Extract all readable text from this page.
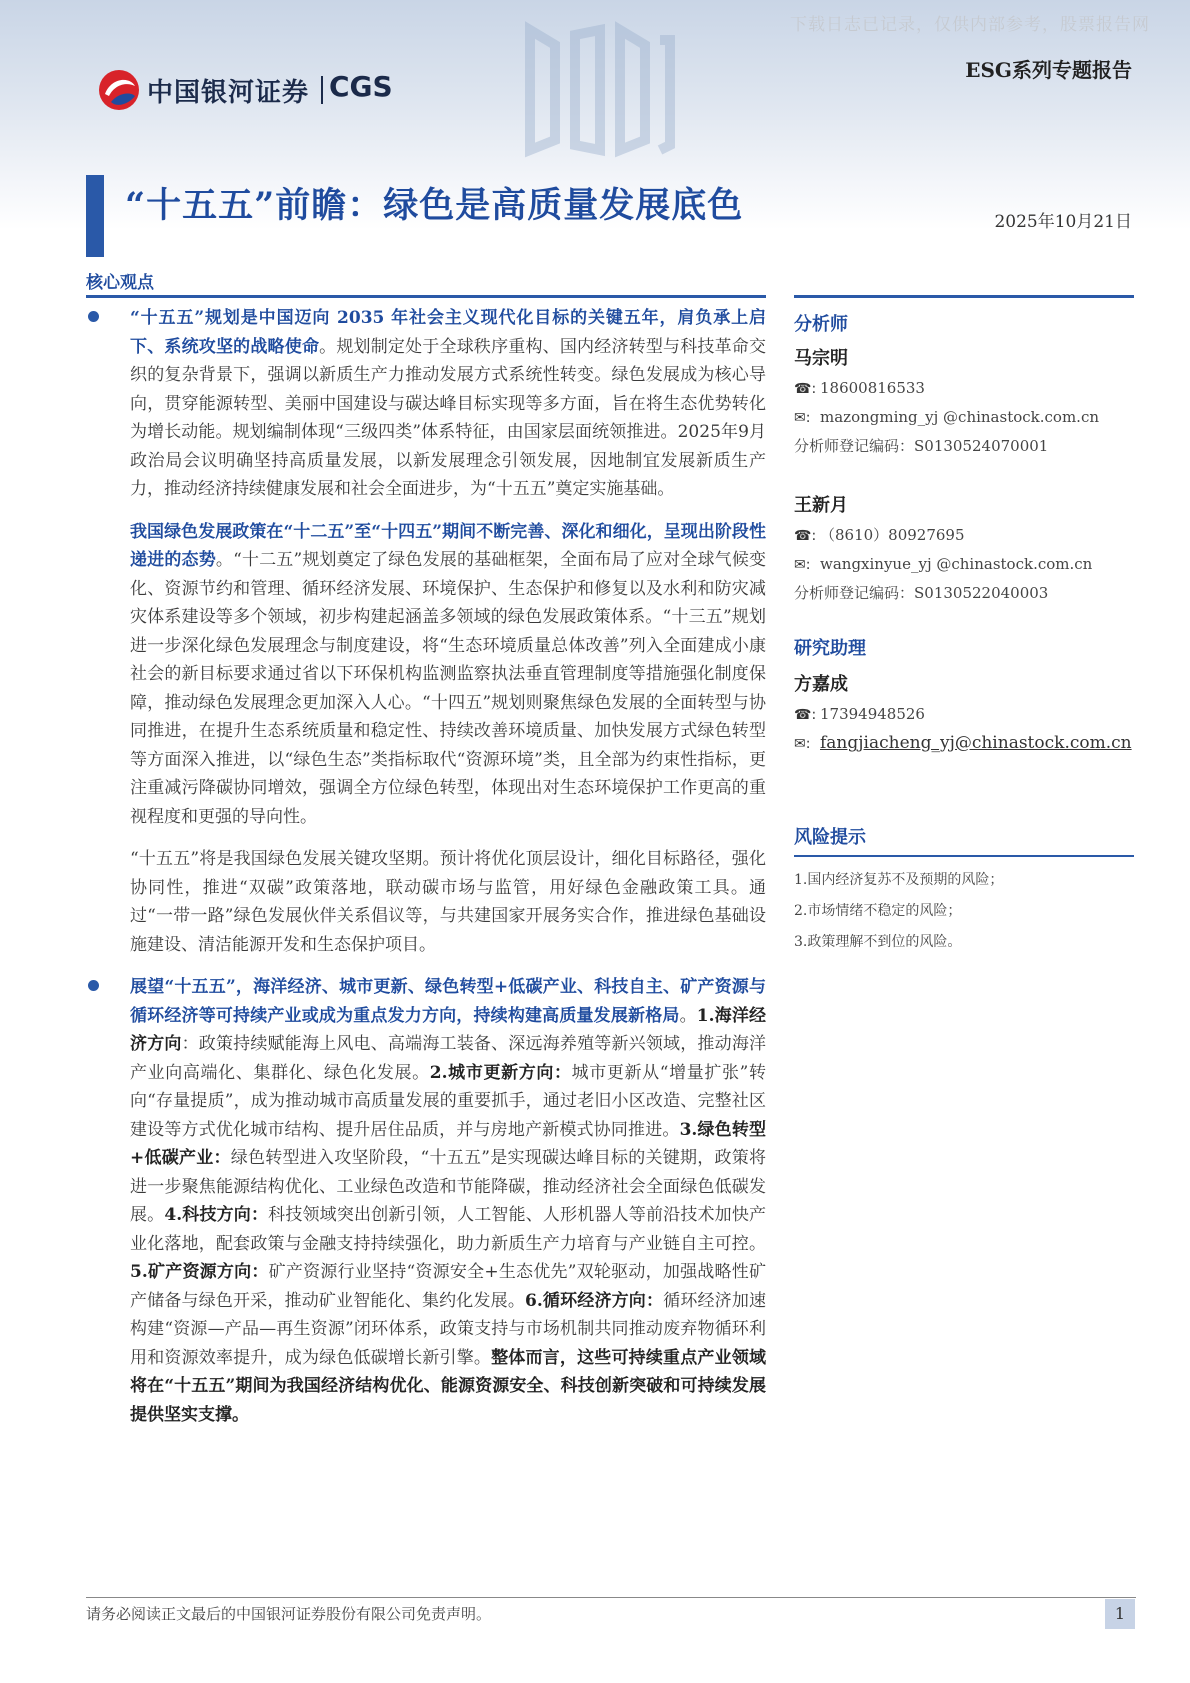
下载日志已记录，仅供内部参考，股票报告网
中国银河证券 CGS	ESG系列专题报告
“十五五”前瞻：绿色是高质量发展底色	2025年10月21日
核心观点

“十五五”规划是中国迈向 2035 年社会主义现代化目标的关键五年，肩负承上启下、系统攻坚的战略使命。规划制定处于全球秩序重构、国内经济转型与科技革命交织的复杂背景下，强调以新质生产力推动发展方式系统性转变。绿色发展成为核心导向，贯穿能源转型、美丽中国建设与碳达峰目标实现等多方面，旨在将生态优势转化为增长动能。规划编制体现“三级四类”体系特征，由国家层面统领推进。2025年9月政治局会议明确坚持高质量发展，以新发展理念引领发展，因地制宜发展新质生产力，推动经济持续健康发展和社会全面进步，为“十五五”奠定实施基础。

我国绿色发展政策在“十二五”至“十四五”期间不断完善、深化和细化，呈现出阶段性递进的态势。“十二五”规划奠定了绿色发展的基础框架，全面布局了应对全球气候变化、资源节约和管理、循环经济发展、环境保护、生态保护和修复以及水利和防灾减灾体系建设等多个领域，初步构建起涵盖多领域的绿色发展政策体系。“十三五”规划进一步深化绿色发展理念与制度建设，将“生态环境质量总体改善”列入全面建成小康社会的新目标要求通过省以下环保机构监测监察执法垂直管理制度等措施强化制度保障，推动绿色发展理念更加深入人心。“十四五”规划则聚焦绿色发展的全面转型与协同推进，在提升生态系统质量和稳定性、持续改善环境质量、加快发展方式绿色转型等方面深入推进，以“绿色生态”类指标取代“资源环境”类，且全部为约束性指标，更注重减污降碳协同增效，强调全方位绿色转型，体现出对生态环境保护工作更高的重视程度和更强的导向性。

“十五五”将是我国绿色发展关键攻坚期。预计将优化顶层设计，细化目标路径，强化协同性，推进“双碳”政策落地，联动碳市场与监管，用好绿色金融政策工具。通过“一带一路”绿色发展伙伴关系倡议等，与共建国家开展务实合作，推进绿色基础设施建设、清洁能源开发和生态保护项目。

展望“十五五”，海洋经济、城市更新、绿色转型+低碳产业、科技自主、矿产资源与循环经济等可持续产业或成为重点发力方向，持续构建高质量发展新格局。1.海洋经济方向：政策持续赋能海上风电、高端海工装备、深远海养殖等新兴领域，推动海洋产业向高端化、集群化、绿色化发展。2.城市更新方向：城市更新从“增量扩张”转向“存量提质”，成为推动城市高质量发展的重要抓手，通过老旧小区改造、完整社区建设等方式优化城市结构、提升居住品质，并与房地产新模式协同推进。3.绿色转型+低碳产业：绿色转型进入攻坚阶段，“十五五”是实现碳达峰目标的关键期，政策将进一步聚焦能源结构优化、工业绿色改造和节能降碳，推动经济社会全面绿色低碳发展。4.科技方向：科技领域突出创新引领，人工智能、人形机器人等前沿技术加快产业化落地，配套政策与金融支持持续强化，助力新质生产力培育与产业链自主可控。5.矿产资源方向：矿产资源行业坚持“资源安全+生态优先”双轮驱动，加强战略性矿产储备与绿色开采，推动矿业智能化、集约化发展。6.循环经济方向：循环经济加速构建“资源—产品—再生资源”闭环体系，政策支持与市场机制共同推动废弃物循环利用和资源效率提升，成为绿色低碳增长新引擎。整体而言，这些可持续重点产业领域将在“十五五”期间为我国经济结构优化、能源资源安全、科技创新突破和可持续发展提供坚实支撑。

分析师
马宗明
☎: 18600816533
✉: mazongming_yj @chinastock.com.cn
分析师登记编码：S0130524070001
王新月
☎: （8610）80927695
✉: wangxinyue_yj @chinastock.com.cn
分析师登记编码：S0130522040003
研究助理
方嘉成
☎: 17394948526
✉: fangjiacheng_yj@chinastock.com.cn
风险提示
1.国内经济复苏不及预期的风险；
2.市场情绪不稳定的风险；
3.政策理解不到位的风险。
请务必阅读正文最后的中国银河证券股份有限公司免责声明。	1
